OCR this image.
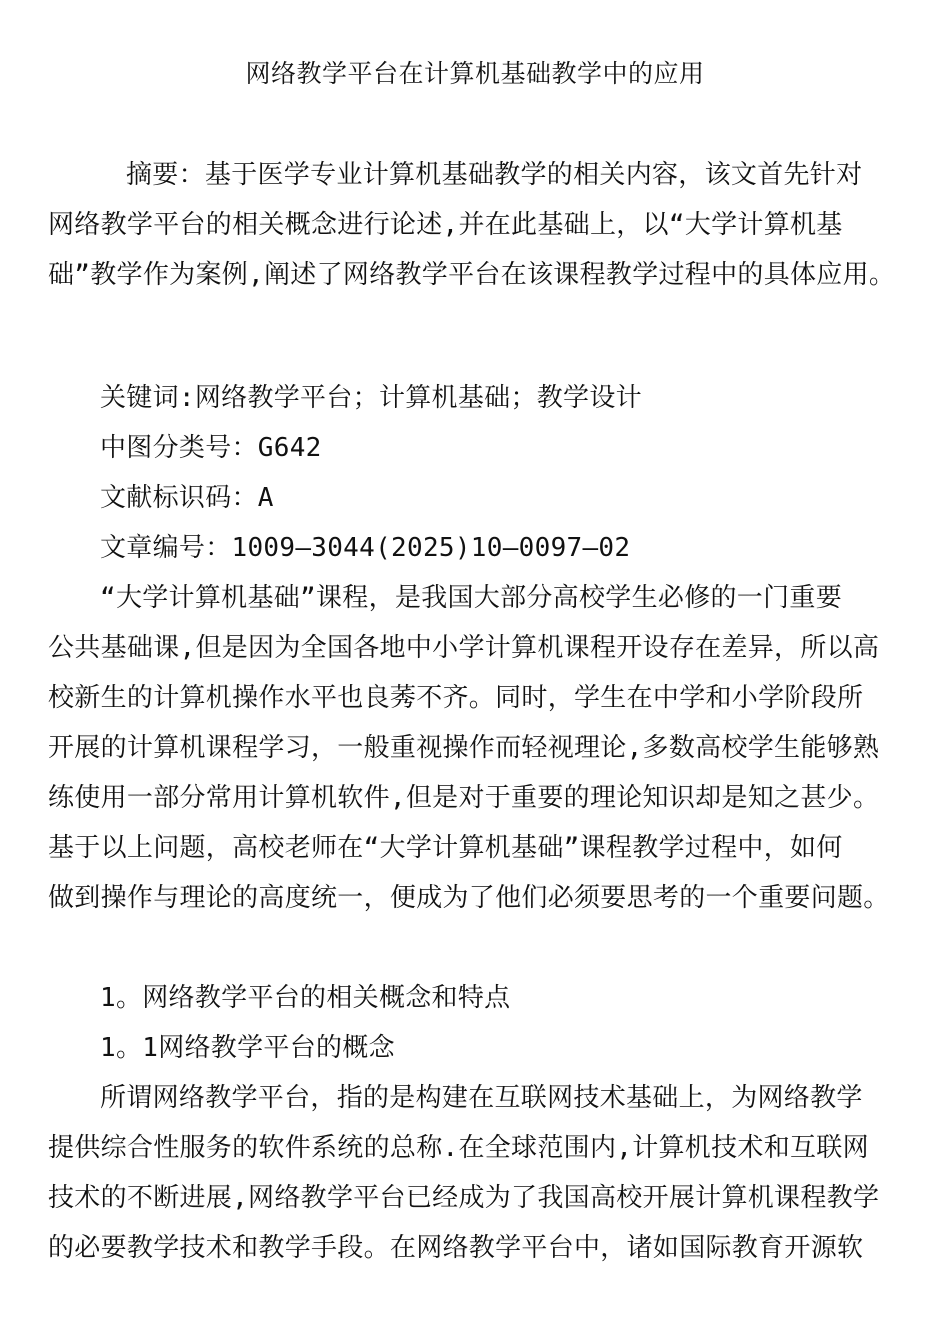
网络教学平台在计算机基础教学中的应用

摘要：基于医学专业计算机基础教学的相关内容，该文首先针对

网络教学平台的相关概念进行论述,并在此基础上，以“大学计算机基

础”教学作为案例,阐述了网络教学平台在该课程教学过程中的具体应用。

关键词:网络教学平台；计算机基础；教学设计

中图分类号：G642

文献标识码：A

文章编号：1009—3044(2025)10—0097—02

“大学计算机基础”课程，是我国大部分高校学生必修的一门重要

公共基础课,但是因为全国各地中小学计算机课程开设存在差异，所以高

校新生的计算机操作水平也良莠不齐。同时，学生在中学和小学阶段所

开展的计算机课程学习，一般重视操作而轻视理论,多数高校学生能够熟

练使用一部分常用计算机软件,但是对于重要的理论知识却是知之甚少。

基于以上问题，高校老师在“大学计算机基础”课程教学过程中，如何

做到操作与理论的高度统一，便成为了他们必须要思考的一个重要问题。

1。网络教学平台的相关概念和特点

1。1网络教学平台的概念

所谓网络教学平台，指的是构建在互联网技术基础上，为网络教学

提供综合性服务的软件系统的总称.在全球范围内,计算机技术和互联网

技术的不断进展,网络教学平台已经成为了我国高校开展计算机课程教学

的必要教学技术和教学手段。在网络教学平台中，诸如国际教育开源软
